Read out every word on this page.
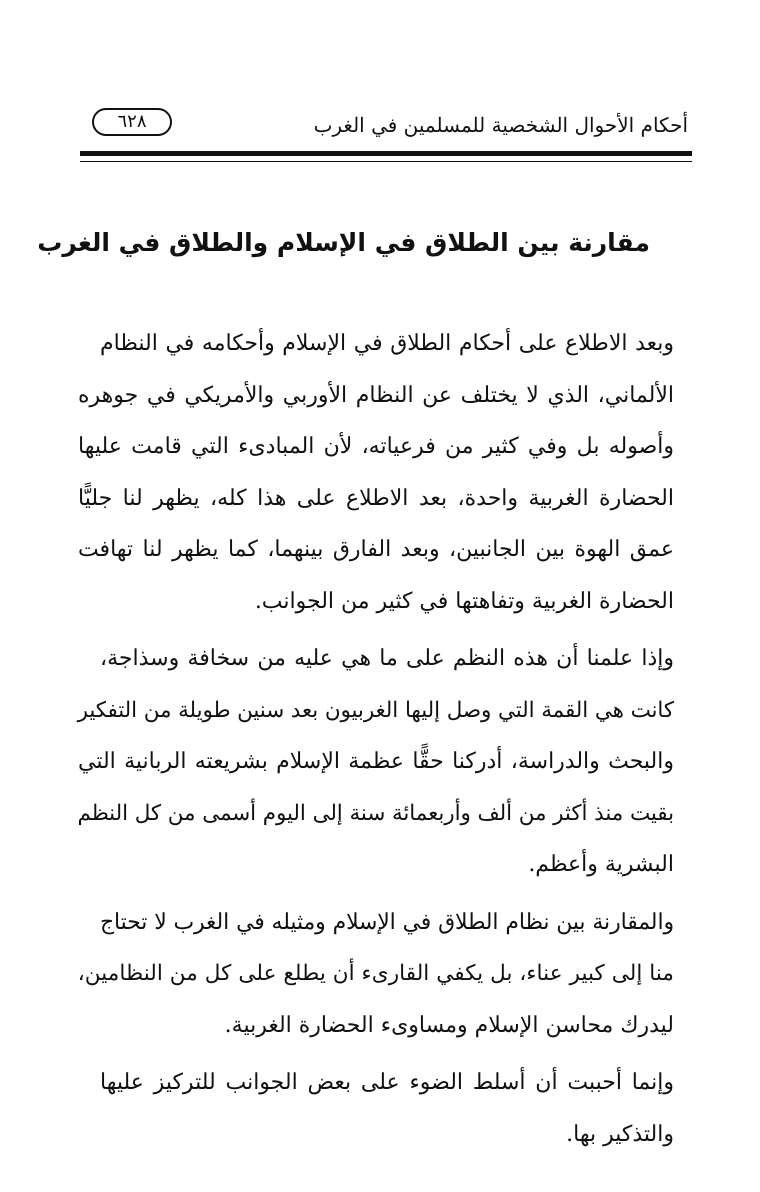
أحكام الأحوال الشخصية للمسلمين في الغرب
٦٢٨
مقارنة بين الطلاق في الإسلام والطلاق في الغرب
وبعد الاطلاع على أحكام الطلاق في الإسلام وأحكامه في النظام
الألماني، الذي لا يختلف عن النظام الأوربي والأمريكي في جوهره
وأصوله بل وفي كثير من فرعياته، لأن المبادىء التي قامت عليها
الحضارة الغربية واحدة، بعد الاطلاع على هذا كله، يظهر لنا جليًّا
عمق الهوة بين الجانبين، وبعد الفارق بينهما، كما يظهر لنا تهافت
الحضارة الغربية وتفاهتها في كثير من الجوانب.
وإذا علمنا أن هذه النظم على ما هي عليه من سخافة وسذاجة،
كانت هي القمة التي وصل إليها الغربيون بعد سنين طويلة من التفكير
والبحث والدراسة، أدركنا حقًّا عظمة الإسلام بشريعته الربانية التي
بقيت منذ أكثر من ألف وأربعمائة سنة إلى اليوم أسمى من كل النظم
البشرية وأعظم.
والمقارنة بين نظام الطلاق في الإسلام ومثيله في الغرب لا تحتاج
منا إلى كبير عناء، بل يكفي القارىء أن يطلع على كل من النظامين،
ليدرك محاسن الإسلام ومساوىء الحضارة الغربية.
وإنما أحببت أن أسلط الضوء على بعض الجوانب للتركيز عليها
والتذكير بها.
